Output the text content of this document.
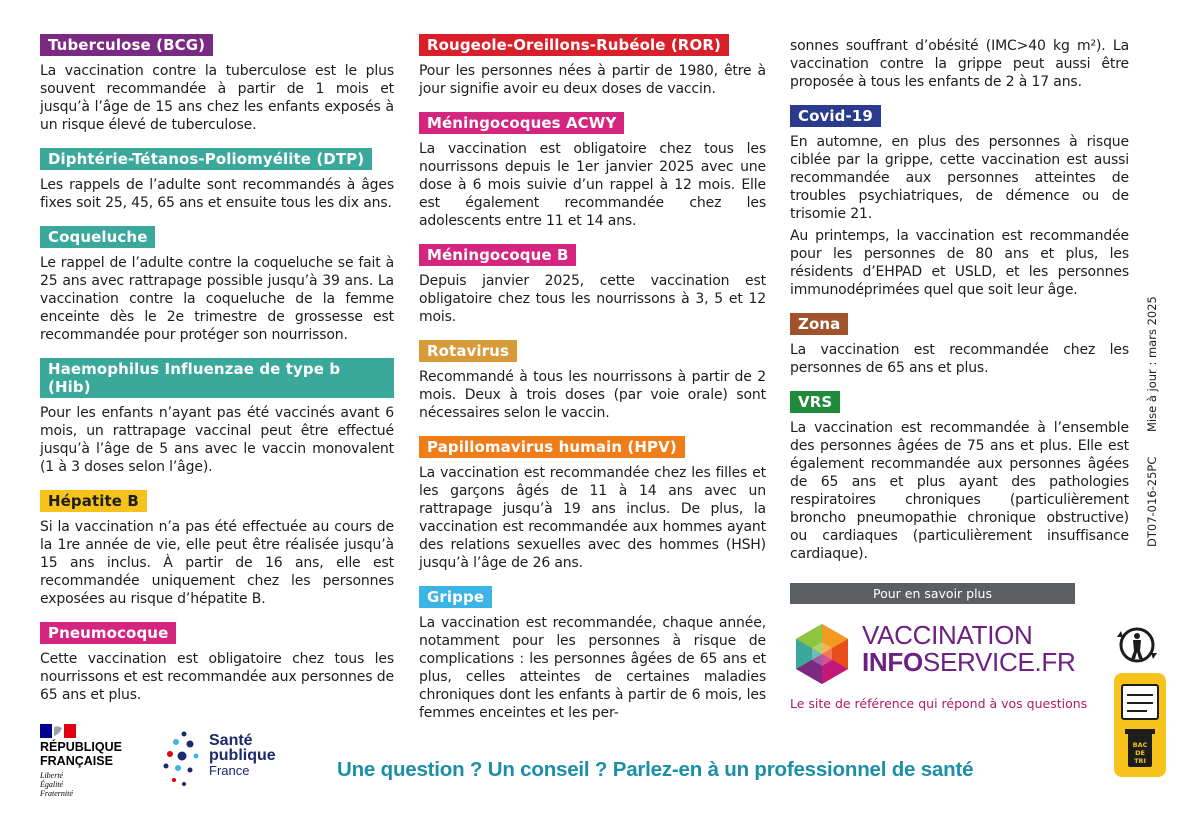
Tuberculose (BCG)

La vaccination contre la tuberculose est le plus souvent recommandée à partir de 1 mois et jusqu’à l’âge de 15 ans chez les enfants exposés à un risque élevé de tuberculose.

Diphtérie-Tétanos-Poliomyélite (DTP)

Les rappels de l’adulte sont recommandés à âges fixes soit 25, 45, 65 ans et ensuite tous les dix ans.

Coqueluche

Le rappel de l’adulte contre la coqueluche se fait à 25 ans avec rattrapage possible jusqu’à 39 ans. La vaccination contre la coqueluche de la femme enceinte dès le 2e trimestre de grossesse est recommandée pour protéger son nourrisson.

Haemophilus Influenzae de type b (Hib)

Pour les enfants n’ayant pas été vaccinés avant 6 mois, un rattrapage vaccinal peut être effectué jusqu’à l’âge de 5 ans avec le vaccin monovalent (1 à 3 doses selon l’âge).

Hépatite B

Si la vaccination n’a pas été effectuée au cours de la 1re année de vie, elle peut être réalisée jusqu’à 15 ans inclus. À partir de 16 ans, elle est recommandée uniquement chez les personnes exposées au risque d’hépatite B.

Pneumocoque

Cette vaccination est obligatoire chez tous les nourrissons et est recommandée aux personnes de 65 ans et plus.

Rougeole-Oreillons-Rubéole (ROR)

Pour les personnes nées à partir de 1980, être à jour signifie avoir eu deux doses de vaccin.

Méningocoques ACWY

La vaccination est obligatoire chez tous les nourrissons depuis le 1er janvier 2025 avec une dose à 6 mois suivie d’un rappel à 12 mois. Elle est également recommandée chez les adolescents entre 11 et 14 ans.

Méningocoque B

Depuis janvier 2025, cette vaccination est obligatoire chez tous les nourrissons à 3, 5 et 12 mois.

Rotavirus

Recommandé à tous les nourrissons à partir de 2 mois. Deux à trois doses (par voie orale) sont nécessaires selon le vaccin.

Papillomavirus humain (HPV)

La vaccination est recommandée chez les filles et les garçons âgés de 11 à 14 ans avec un rattrapage jusqu’à 19 ans inclus. De plus, la vaccination est recommandée aux hommes ayant des relations sexuelles avec des hommes (HSH) jusqu’à l’âge de 26 ans.

Grippe

La vaccination est recommandée, chaque année, notamment pour les personnes à risque de complications : les personnes âgées de 65 ans et plus, celles atteintes de certaines maladies chroniques dont les enfants à partir de 6 mois, les femmes enceintes et les per-

sonnes souffrant d’obésité (IMC>40 kg m²). La vaccination contre la grippe peut aussi être proposée à tous les enfants de 2 à 17 ans.

Covid-19

En automne, en plus des personnes à risque ciblée par la grippe, cette vaccination est aussi recommandée aux personnes atteintes de troubles psychiatriques, de démence ou de trisomie 21.

Au printemps, la vaccination est recommandée pour les personnes de 80 ans et plus, les résidents d’EHPAD et USLD, et les personnes immunodéprimées quel que soit leur âge.

Zona

La vaccination est recommandée chez les personnes de 65 ans et plus.

VRS

La vaccination est recommandée à l’ensemble des personnes âgées de 75 ans et plus. Elle est également recommandée aux personnes âgées de 65 ans et plus ayant des pathologies respiratoires chroniques (particulièrement broncho pneumopathie chronique obstructive) ou cardiaques (particulièrement insuffisance cardiaque).

Pour en savoir plus
VACCINATION
INFOSERVICE.FR
Le site de référence qui répond à vos questions
Mise à jour : mars 2025
DT07-016-25PC
RÉPUBLIQUE
FRANÇAISE
Liberté
Égalité
Fraternité
Santé
publique
France	Une question ? Un conseil ? Parlez-en à un professionnel de santé
BAC
DE
TRI
